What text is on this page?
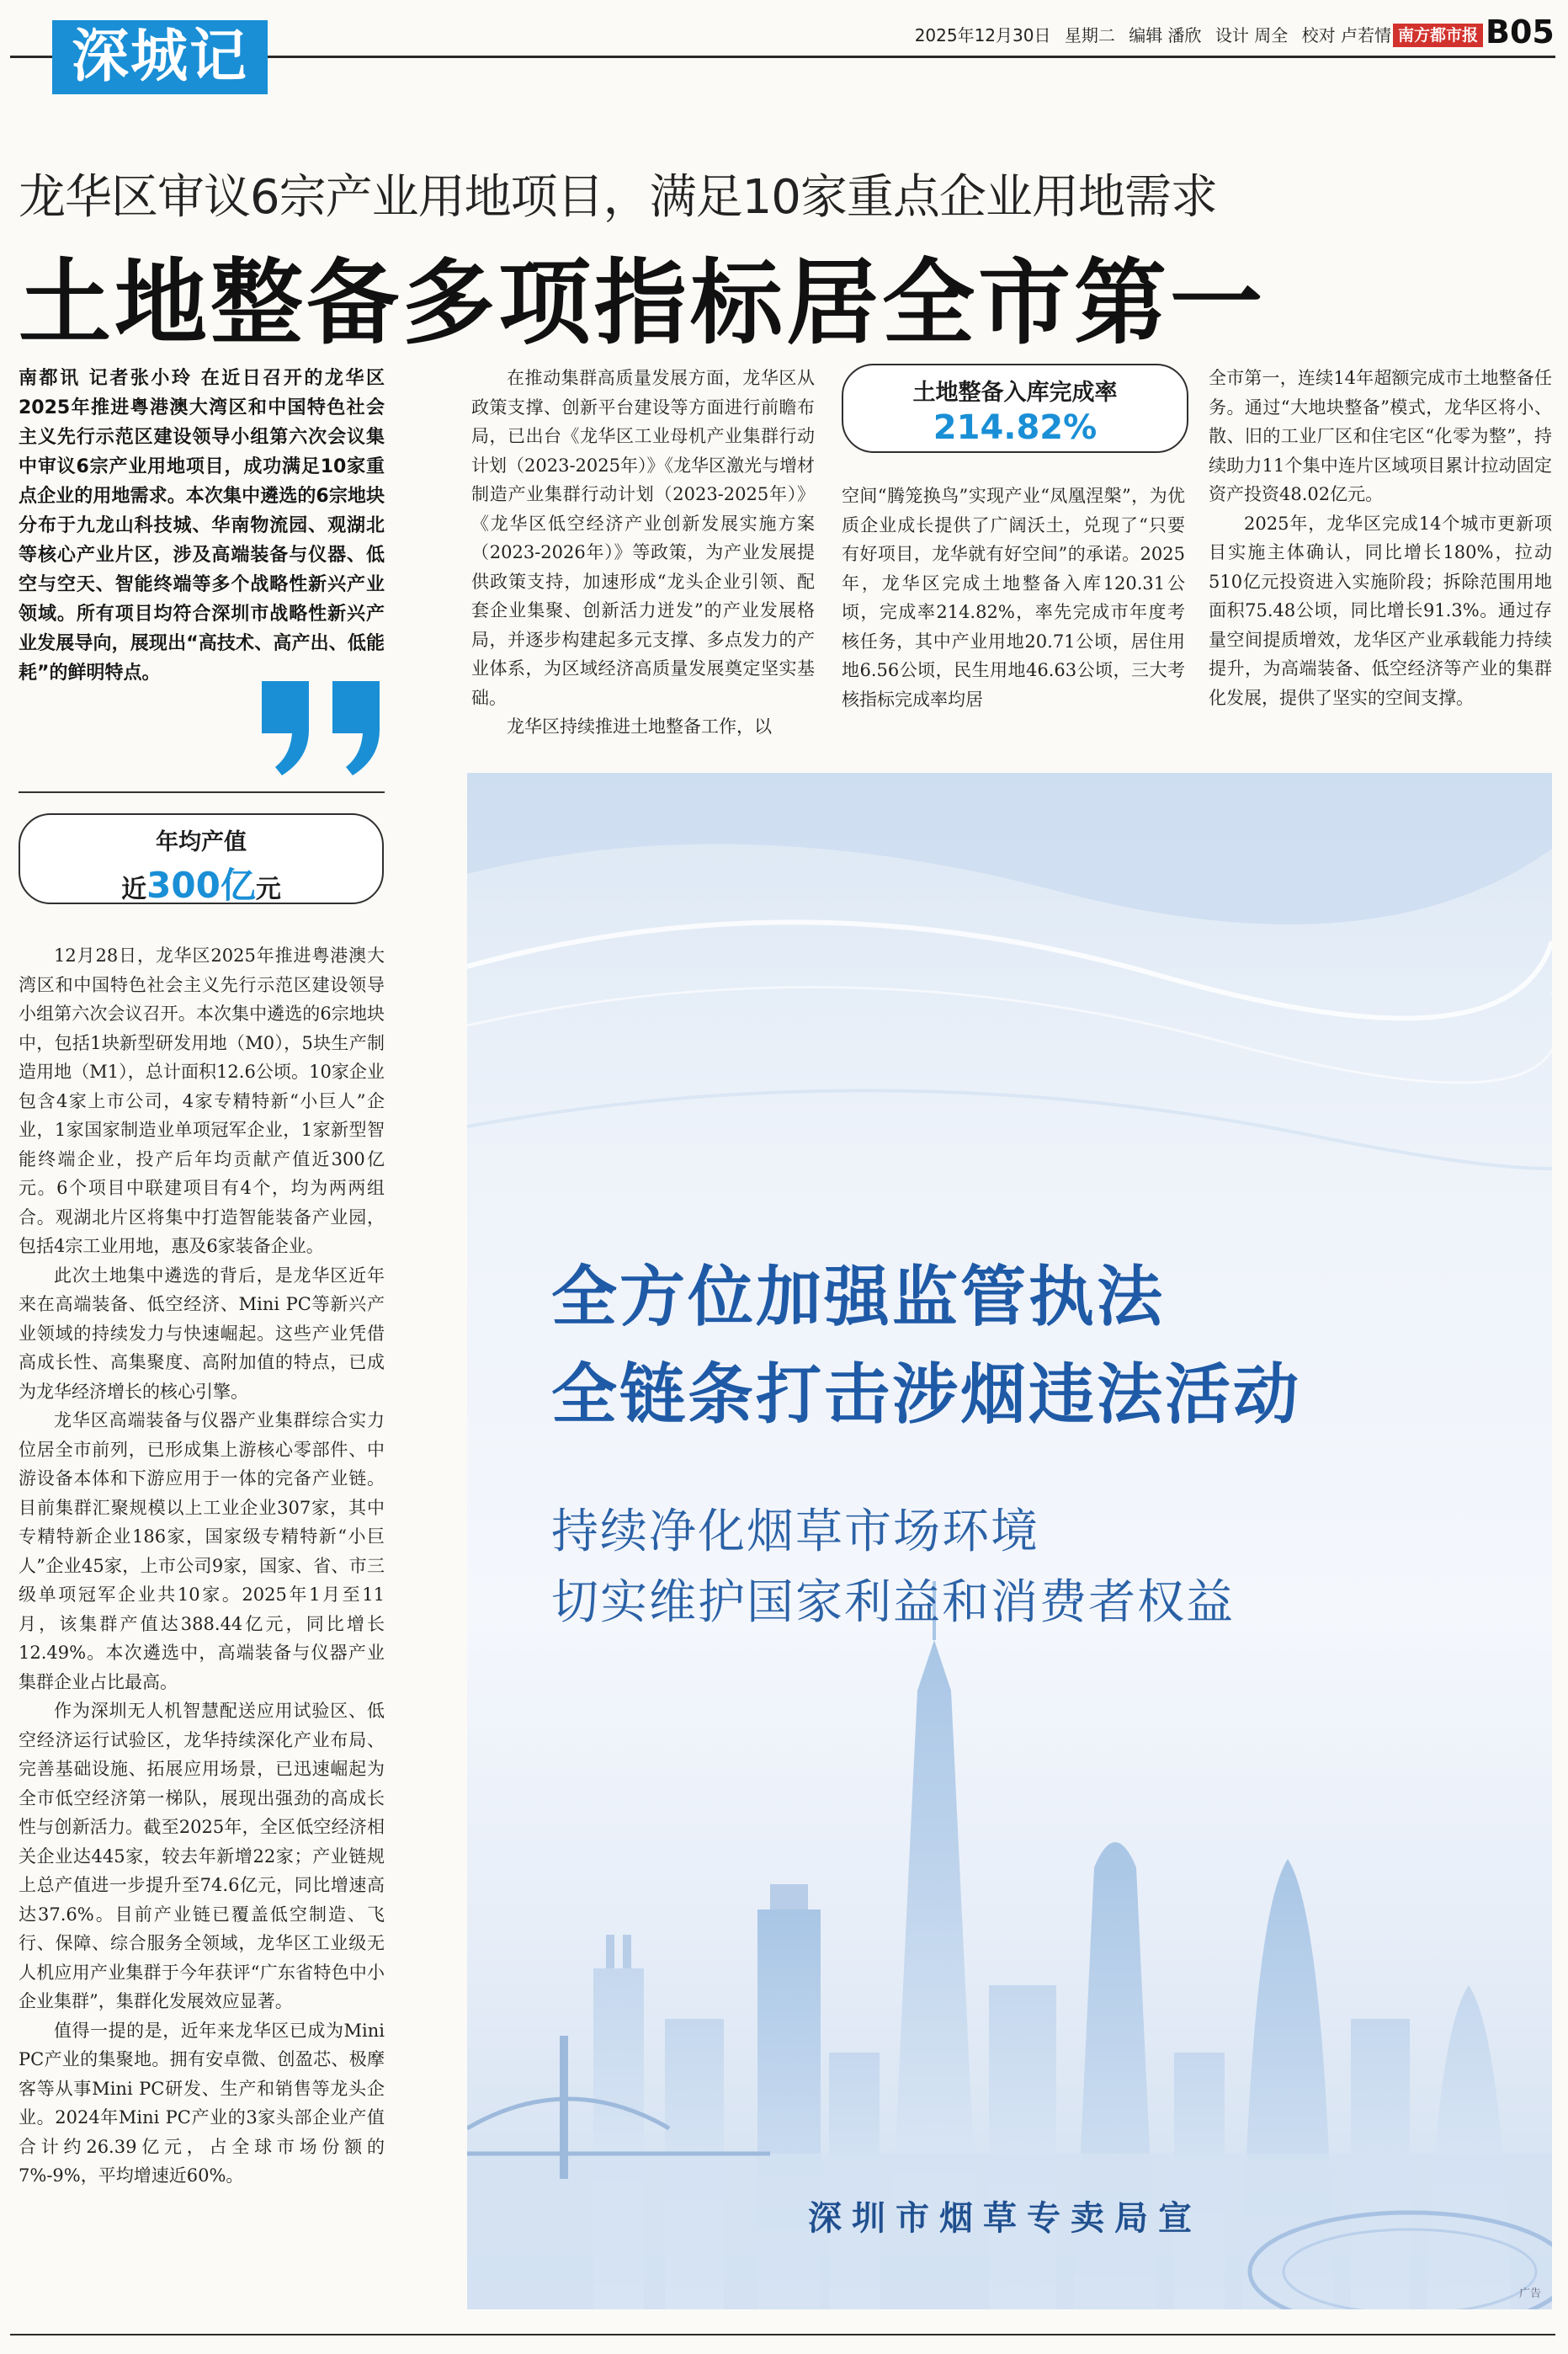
深城记	2025年12月30日 星期二 编辑 潘欣 设计 周全 校对 卢若情 南方都市报 B05
龙华区审议6宗产业用地项目，满足10家重点企业用地需求
土地整备多项指标居全市第一
南都讯 记者张小玲 在近日召开的龙华区2025年推进粤港澳大湾区和中国特色社会主义先行示范区建设领导小组第六次会议集中审议6宗产业用地项目，成功满足10家重点企业的用地需求。本次集中遴选的6宗地块分布于九龙山科技城、华南物流园、观湖北等核心产业片区，涉及高端装备与仪器、低空与空天、智能终端等多个战略性新兴产业领域。所有项目均符合深圳市战略性新兴产业发展导向，展现出“高技术、高产出、低能耗”的鲜明特点。
年均产值
近300亿元

12月28日，龙华区2025年推进粤港澳大湾区和中国特色社会主义先行示范区建设领导小组第六次会议召开。本次集中遴选的6宗地块中，包括1块新型研发用地（M0），5块生产制造用地（M1），总计面积12.6公顷。10家企业包含4家上市公司，4家专精特新“小巨人”企业，1家国家制造业单项冠军企业，1家新型智能终端企业，投产后年均贡献产值近300亿元。6个项目中联建项目有4个，均为两两组合。观湖北片区将集中打造智能装备产业园，包括4宗工业用地，惠及6家装备企业。

此次土地集中遴选的背后，是龙华区近年来在高端装备、低空经济、Mini PC等新兴产业领域的持续发力与快速崛起。这些产业凭借高成长性、高集聚度、高附加值的特点，已成为龙华经济增长的核心引擎。

龙华区高端装备与仪器产业集群综合实力位居全市前列，已形成集上游核心零部件、中游设备本体和下游应用于一体的完备产业链。目前集群汇聚规模以上工业企业307家，其中专精特新企业186家，国家级专精特新“小巨人”企业45家，上市公司9家，国家、省、市三级单项冠军企业共10家。2025年1月至11月，该集群产值达388.44亿元，同比增长12.49%。本次遴选中，高端装备与仪器产业集群企业占比最高。

作为深圳无人机智慧配送应用试验区、低空经济运行试验区，龙华持续深化产业布局、完善基础设施、拓展应用场景，已迅速崛起为全市低空经济第一梯队，展现出强劲的高成长性与创新活力。截至2025年，全区低空经济相关企业达445家，较去年新增22家；产业链规上总产值进一步提升至74.6亿元，同比增速高达37.6%。目前产业链已覆盖低空制造、飞行、保障、综合服务全领域，龙华区工业级无人机应用产业集群于今年获评“广东省特色中小企业集群”，集群化发展效应显著。

值得一提的是，近年来龙华区已成为Mini PC产业的集聚地。拥有安卓微、创盈芯、极摩客等从事Mini PC研发、生产和销售等龙头企业。2024年Mini PC产业的3家头部企业产值合计约26.39亿元，占全球市场份额的7%-9%，平均增速近60%。

在推动集群高质量发展方面，龙华区从政策支撑、创新平台建设等方面进行前瞻布局，已出台《龙华区工业母机产业集群行动计划（2023-2025年）》《龙华区激光与增材制造产业集群行动计划（2023-2025年）》《龙华区低空经济产业创新发展实施方案（2023-2026年）》等政策，为产业发展提供政策支持，加速形成“龙头企业引领、配套企业集聚、创新活力迸发”的产业发展格局，并逐步构建起多元支撑、多点发力的产业体系，为区域经济高质量发展奠定坚实基础。

龙华区持续推进土地整备工作，以

土地整备入库完成率
214.82%

空间“腾笼换鸟”实现产业“凤凰涅槃”，为优质企业成长提供了广阔沃土，兑现了“只要有好项目，龙华就有好空间”的承诺。2025年，龙华区完成土地整备入库120.31公顷，完成率214.82%，率先完成市年度考核任务，其中产业用地20.71公顷，居住用地6.56公顷，民生用地46.63公顷，三大考核指标完成率均居

全市第一，连续14年超额完成市土地整备任务。通过“大地块整备”模式，龙华区将小、散、旧的工业厂区和住宅区“化零为整”，持续助力11个集中连片区域项目累计拉动固定资产投资48.02亿元。

2025年，龙华区完成14个城市更新项目实施主体确认，同比增长180%，拉动510亿元投资进入实施阶段；拆除范围用地面积75.48公顷，同比增长91.3%。通过存量空间提质增效，龙华区产业承载能力持续提升，为高端装备、低空经济等产业的集群化发展，提供了坚实的空间支撑。

全方位加强监管执法
全链条打击涉烟违法活动
持续净化烟草市场环境
切实维护国家利益和消费者权益
深圳市烟草专卖局宣
广告
